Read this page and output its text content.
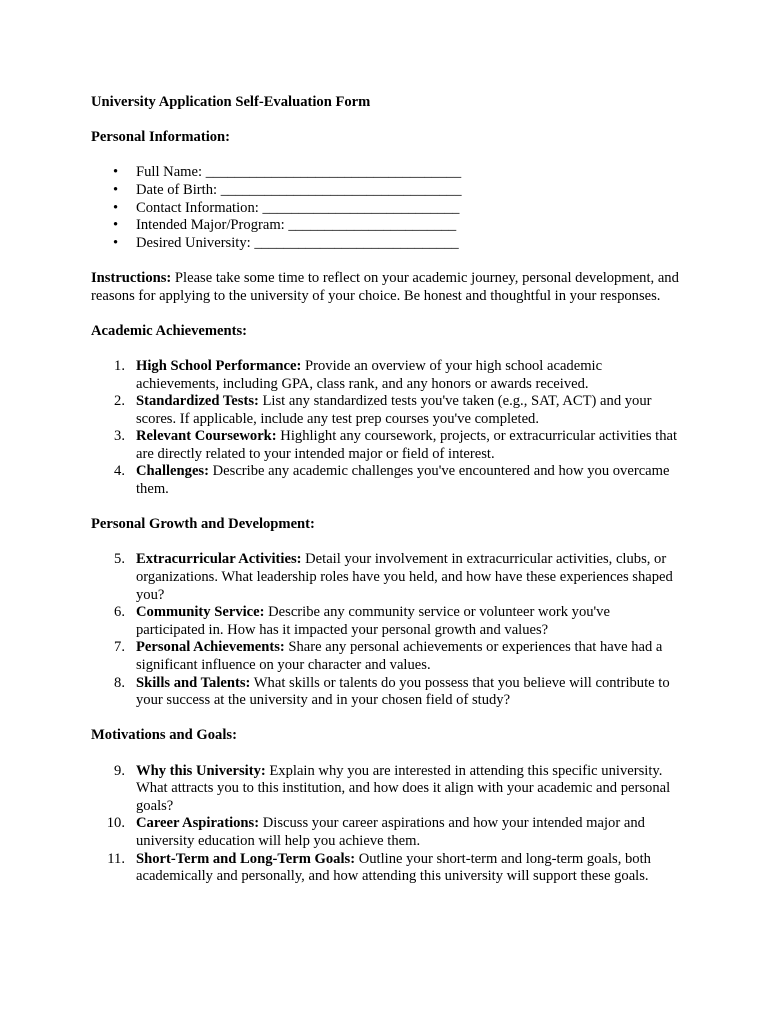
University Application Self-Evaluation Form
Personal Information:
• Full Name: ___________________________________
• Date of Birth: _________________________________
• Contact Information: ___________________________
• Intended Major/Program: _______________________
• Desired University: ____________________________

Instructions: Please take some time to reflect on your academic journey, personal development, and reasons for applying to the university of your choice. Be honest and thoughtful in your responses.

Academic Achievements:
1. High School Performance: Provide an overview of your high school academic achievements, including GPA, class rank, and any honors or awards received.
2. Standardized Tests: List any standardized tests you've taken (e.g., SAT, ACT) and your scores. If applicable, include any test prep courses you've completed.
3. Relevant Coursework: Highlight any coursework, projects, or extracurricular activities that are directly related to your intended major or field of interest.
4. Challenges: Describe any academic challenges you've encountered and how you overcame them.
Personal Growth and Development:
5. Extracurricular Activities: Detail your involvement in extracurricular activities, clubs, or organizations. What leadership roles have you held, and how have these experiences shaped you?
6. Community Service: Describe any community service or volunteer work you've participated in. How has it impacted your personal growth and values?
7. Personal Achievements: Share any personal achievements or experiences that have had a significant influence on your character and values.
8. Skills and Talents: What skills or talents do you possess that you believe will contribute to your success at the university and in your chosen field of study?
Motivations and Goals:
9. Why this University: Explain why you are interested in attending this specific university. What attracts you to this institution, and how does it align with your academic and personal goals?
10. Career Aspirations: Discuss your career aspirations and how your intended major and university education will help you achieve them.
11. Short-Term and Long-Term Goals: Outline your short-term and long-term goals, both academically and personally, and how attending this university will support these goals.
